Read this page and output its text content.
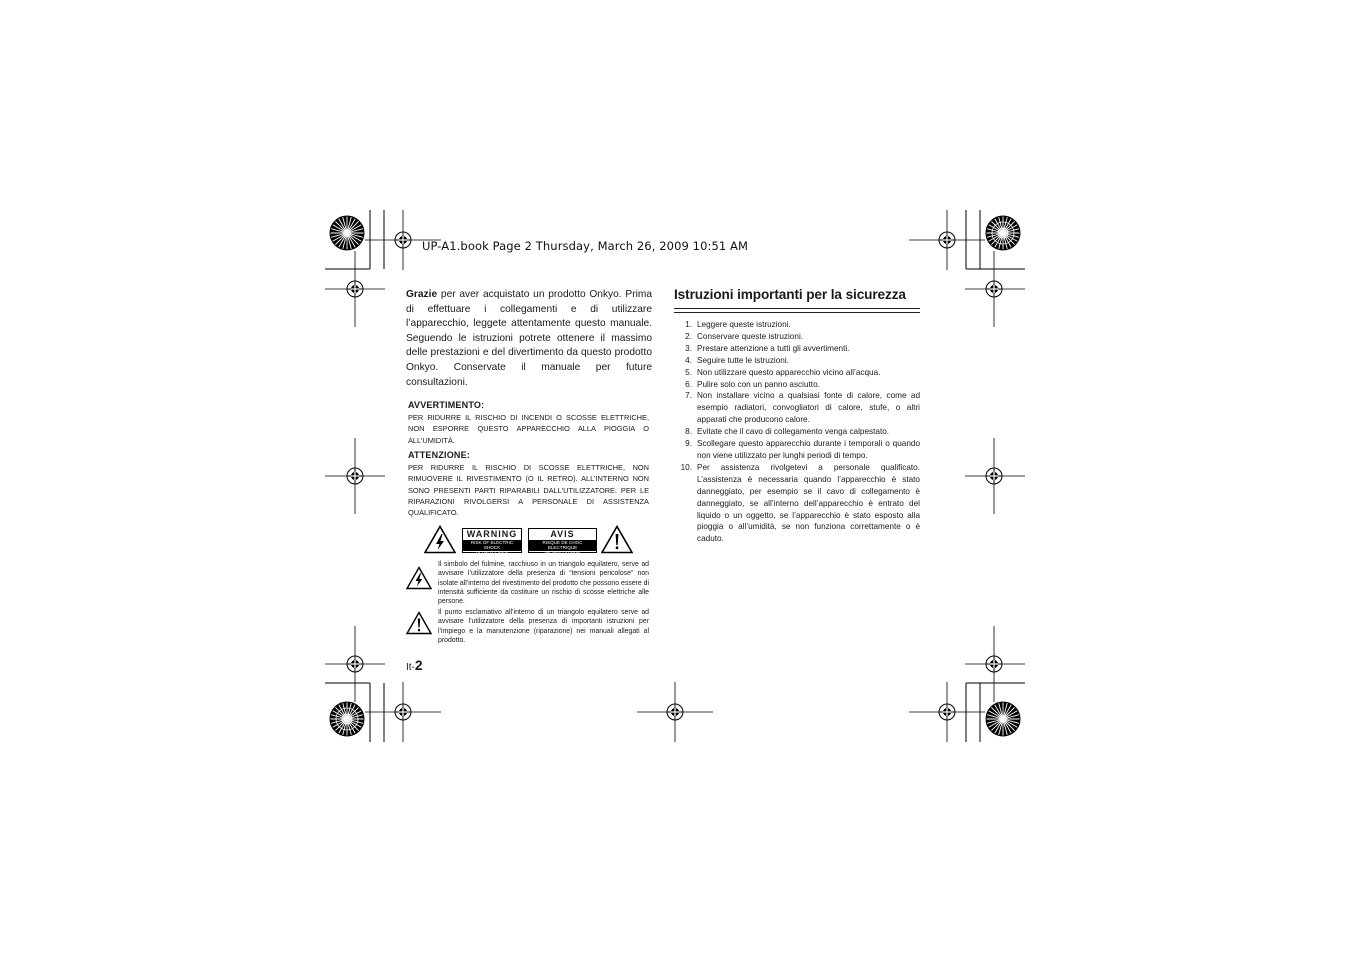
UP-A1.book Page 2 Thursday, March 26, 2009 10:51 AM
Grazie per aver acquistato un prodotto Onkyo. Prima di effettuare i collegamenti e di utilizzare l’apparecchio, leggete attentamente questo manuale. Seguendo le istruzioni potrete ottenere il massimo delle prestazioni e del divertimento da questo prodotto Onkyo. Conservate il manuale per future consultazioni.
AVVERTIMENTO:
PER RIDURRE IL RISCHIO DI INCENDI O SCOSSE ELETTRICHE, NON ESPORRE QUESTO APPARECCHIO ALLA PIOGGIA O ALL’UMIDITÀ.
ATTENZIONE:
PER RIDURRE IL RISCHIO DI SCOSSE ELETTRICHE, NON RIMUOVERE IL RIVESTIMENTO (O IL RETRO). ALL’INTERNO NON SONO PRESENTI PARTI RIPARABILI DALL’UTILIZZATORE. PER LE RIPARAZIONI RIVOLGERSI A PERSONALE DI ASSISTENZA QUALIFICATO.
WARNING
RISK OF ELECTRIC SHOCK
DO NOT OPEN
AVIS
RISQUE DE CHOC ELECTRIQUE
NE PAS OUVRIR
Il simbolo del fulmine, racchiuso in un triangolo equilatero, serve ad avvisare l’utilizzatore della presenza di “tensioni pericolose” non isolate all’interno del rivestimento del prodotto che possono essere di intensità sufficiente da costituire un rischio di scosse elettriche alle persone.
Il punto esclamativo all’interno di un triangolo equilatero serve ad avvisare l’utilizzatore della presenza di importanti istruzioni per l’impiego e la manutenzione (riparazione) nei manuali allegati al prodotto.
It-2
Istruzioni importanti per la sicurezza
1. Leggere queste istruzioni.
2. Conservare queste istruzioni.
3. Prestare attenzione a tutti gli avvertimenti.
4. Seguire tutte le istruzioni.
5. Non utilizzare questo apparecchio vicino all’acqua.
6. Pulire solo con un panno asciutto.
7. Non installare vicino a qualsiasi fonte di calore, come ad esempio radiatori, convogliatori di calore, stufe, o altri apparati che producono calore.
8. Evitate che il cavo di collegamento venga calpestato.
9. Scollegare questo apparecchio durante i temporali o quando non viene utilizzato per lunghi periodi di tempo.
10. Per assistenza rivolgetevi a personale qualificato. L’assistenza è necessaria quando l’apparecchio è stato danneggiato, per esempio se il cavo di collegamento è danneggiato, se all’interno dell’apparecchio è entrato del liquido o un oggetto, se l’apparecchio è stato esposto alla pioggia o all’umidità, se non funziona correttamente o è caduto.
